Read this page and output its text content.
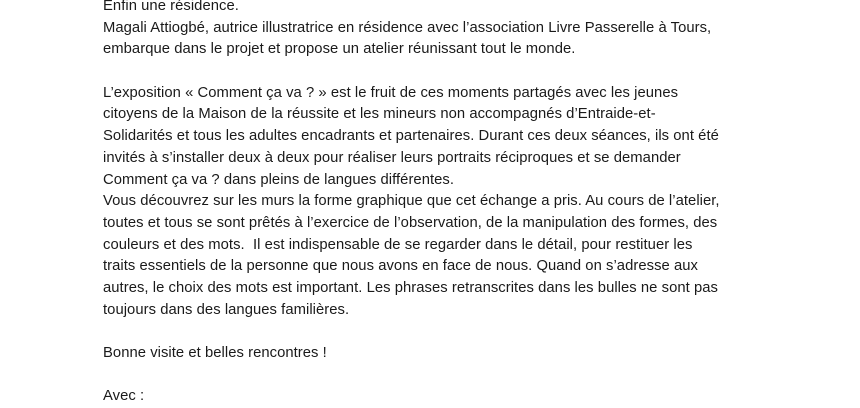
Enfin une résidence.
Magali Attiogbé, autrice illustratrice en résidence avec l’association Livre Passerelle à Tours,
embarque dans le projet et propose un atelier réunissant tout le monde.
L’exposition « Comment ça va ? » est le fruit de ces moments partagés avec les jeunes
citoyens de la Maison de la réussite et les mineurs non accompagnés d’Entraide-et-
Solidarités et tous les adultes encadrants et partenaires. Durant ces deux séances, ils ont été
invités à s’installer deux à deux pour réaliser leurs portraits réciproques et se demander
Comment ça va ? dans pleins de langues différentes.
Vous découvrez sur les murs la forme graphique que cet échange a pris. Au cours de l’atelier,
toutes et tous se sont prêtés à l’exercice de l’observation, de la manipulation des formes, des
couleurs et des mots.  Il est indispensable de se regarder dans le détail, pour restituer les
traits essentiels de la personne que nous avons en face de nous. Quand on s’adresse aux
autres, le choix des mots est important. Les phrases retranscrites dans les bulles ne sont pas
toujours dans des langues familières.
Bonne visite et belles rencontres !
Avec :
